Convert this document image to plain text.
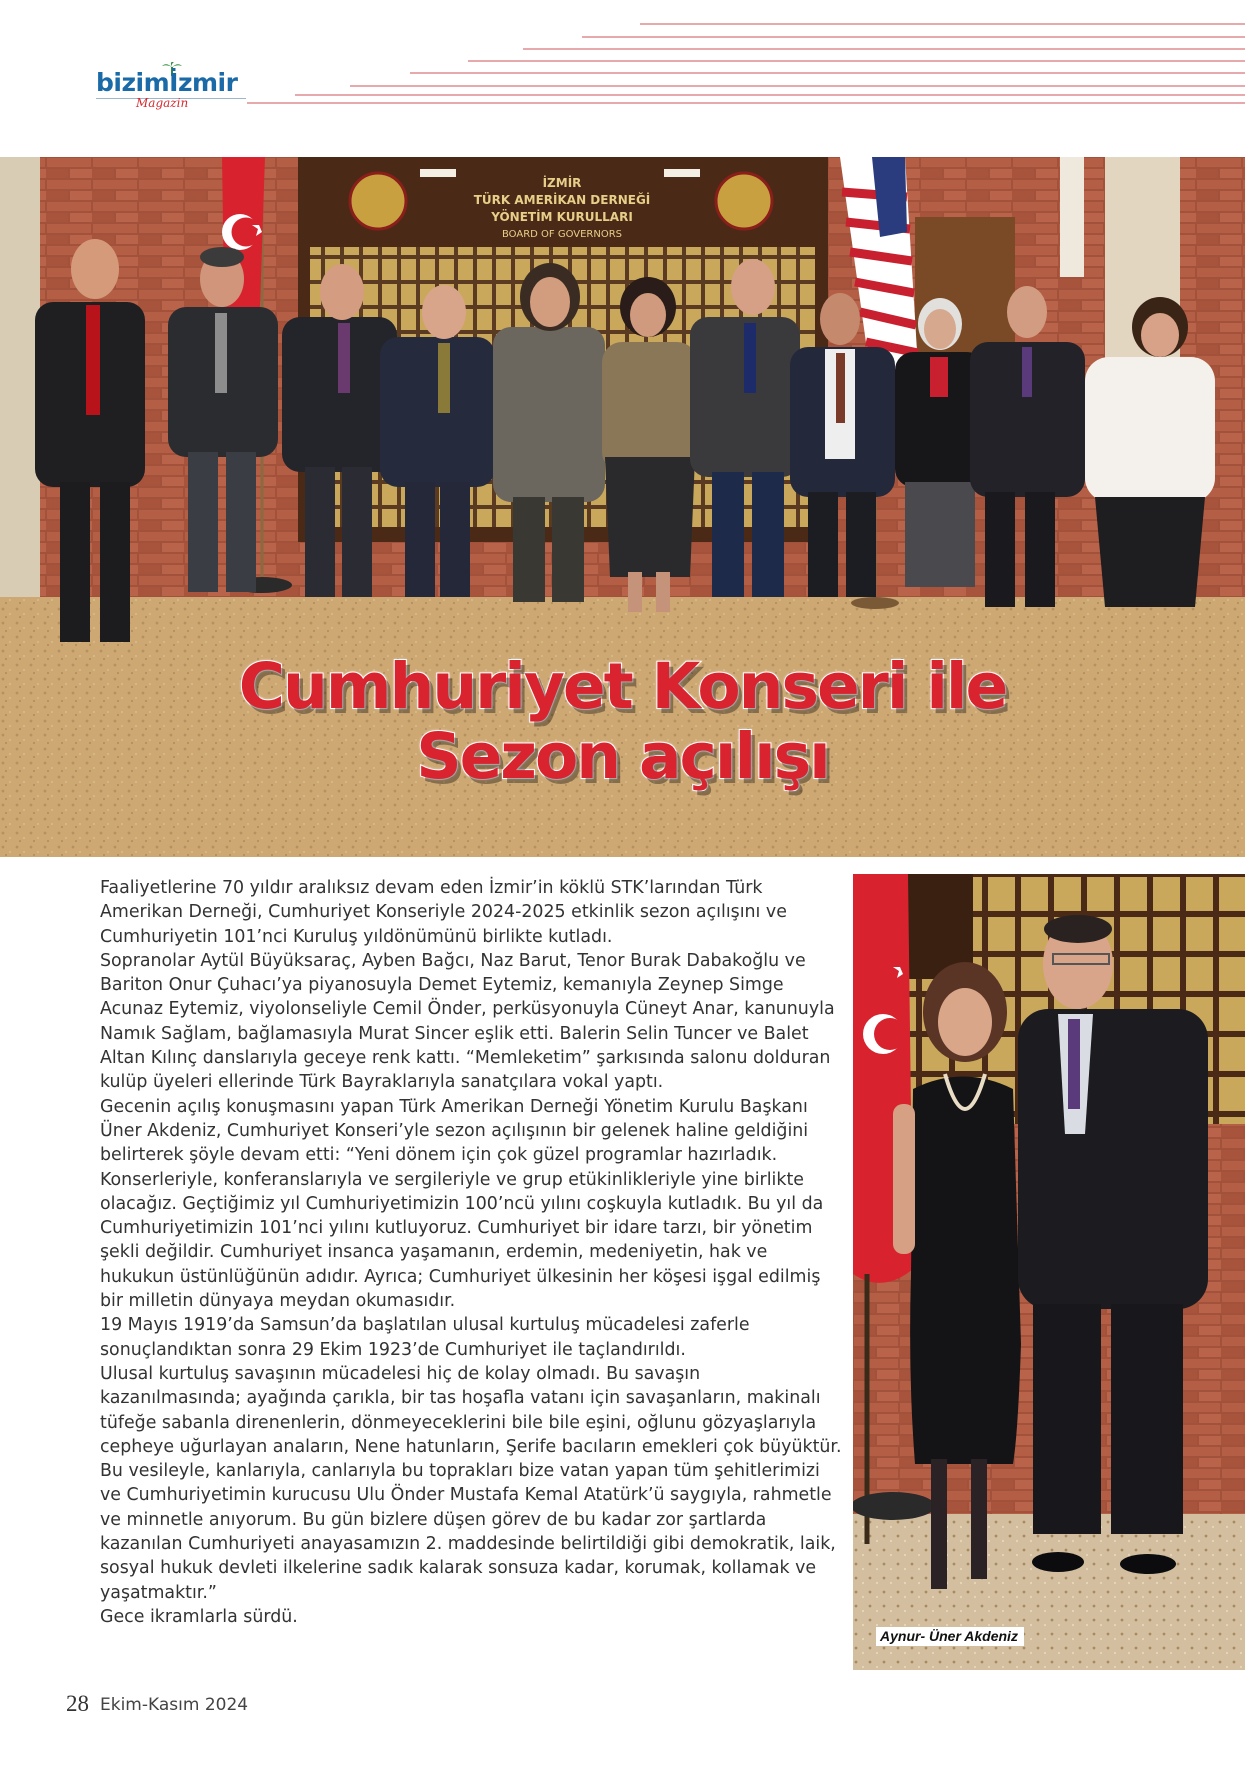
bizimİzmir
Magazin
İZMİR
TÜRK AMERİKAN DERNEĞİ
YÖNETİM KURULLARI
BOARD OF GOVERNORS
Cumhuriyet Konseri ile
Sezon açılışı

Faaliyetlerine 70 yıldır aralıksız devam eden İzmir’in köklü STK’larından Türk Amerikan Derneği, Cumhuriyet Konseriyle 2024-2025 etkinlik sezon açılışını ve Cumhuriyetin 101’nci Kuruluş yıldönümünü birlikte kutladı.

Sopranolar Aytül Büyüksaraç, Ayben Bağcı, Naz Barut, Tenor Burak Dabakoğlu ve Bariton Onur Çuhacı’ya piyanosuyla Demet Eytemiz, kemanıyla Zeynep Simge Acunaz Eytemiz, viyolonseliyle Cemil Önder, perküsyonuyla Cüneyt Anar, kanunuyla Namık Sağlam, bağlamasıyla Murat Sincer eşlik etti. Balerin Selin Tuncer ve Balet Altan Kılınç danslarıyla geceye renk kattı. “Memleketim” şarkısında salonu dolduran kulüp üyeleri ellerinde Türk Bayraklarıyla sanatçılara vokal yaptı.

Gecenin açılış konuşmasını yapan Türk Amerikan Derneği Yönetim Kurulu Başkanı Üner Akdeniz, Cumhuriyet Konseri’yle sezon açılışının bir gelenek haline geldiğini belirterek şöyle devam etti: “Yeni dönem için çok güzel programlar hazırladık. Konserleriyle, konferanslarıyla ve sergileriyle ve grup etükinlikleriyle yine birlikte olacağız. Geçtiğimiz yıl Cumhuriyetimizin 100’ncü yılını coşkuyla kutladık. Bu yıl da Cumhuriyetimizin 101’nci yılını kutluyoruz. Cumhuriyet bir idare tarzı, bir yönetim şekli değildir. Cumhuriyet insanca yaşamanın, erdemin, medeniyetin, hak ve hukukun üstünlüğünün adıdır. Ayrıca; Cumhuriyet ülkesinin her köşesi işgal edilmiş bir milletin dünyaya meydan okumasıdır.

19 Mayıs 1919’da Samsun’da başlatılan ulusal kurtuluş mücadelesi zaferle sonuçlandıktan sonra 29 Ekim 1923’de Cumhuriyet ile taçlandırıldı.

Ulusal kurtuluş savaşının mücadelesi hiç de kolay olmadı. Bu savaşın kazanılmasında; ayağında çarıkla, bir tas hoşafla vatanı için savaşanların, makinalı tüfeğe sabanla direnenlerin, dönmeyeceklerini bile bile eşini, oğlunu gözyaşlarıyla cepheye uğurlayan anaların, Nene hatunların, Şerife bacıların emekleri çok büyüktür. Bu vesileyle, kanlarıyla, canlarıyla bu toprakları bize vatan yapan tüm şehitlerimizi ve Cumhuriyetimin kurucusu Ulu Önder Mustafa Kemal Atatürk’ü saygıyla, rahmetle ve minnetle anıyorum. Bu gün bizlere düşen görev de bu kadar zor şartlarda kazanılan Cumhuriyeti anayasamızın 2. maddesinde belirtildiği gibi demokratik, laik, sosyal hukuk devleti ilkelerine sadık kalarak sonsuza kadar, korumak, kollamak ve yaşatmaktır.”

Gece ikramlarla sürdü.

Aynur- Üner Akdeniz
28 Ekim-Kasım 2024
